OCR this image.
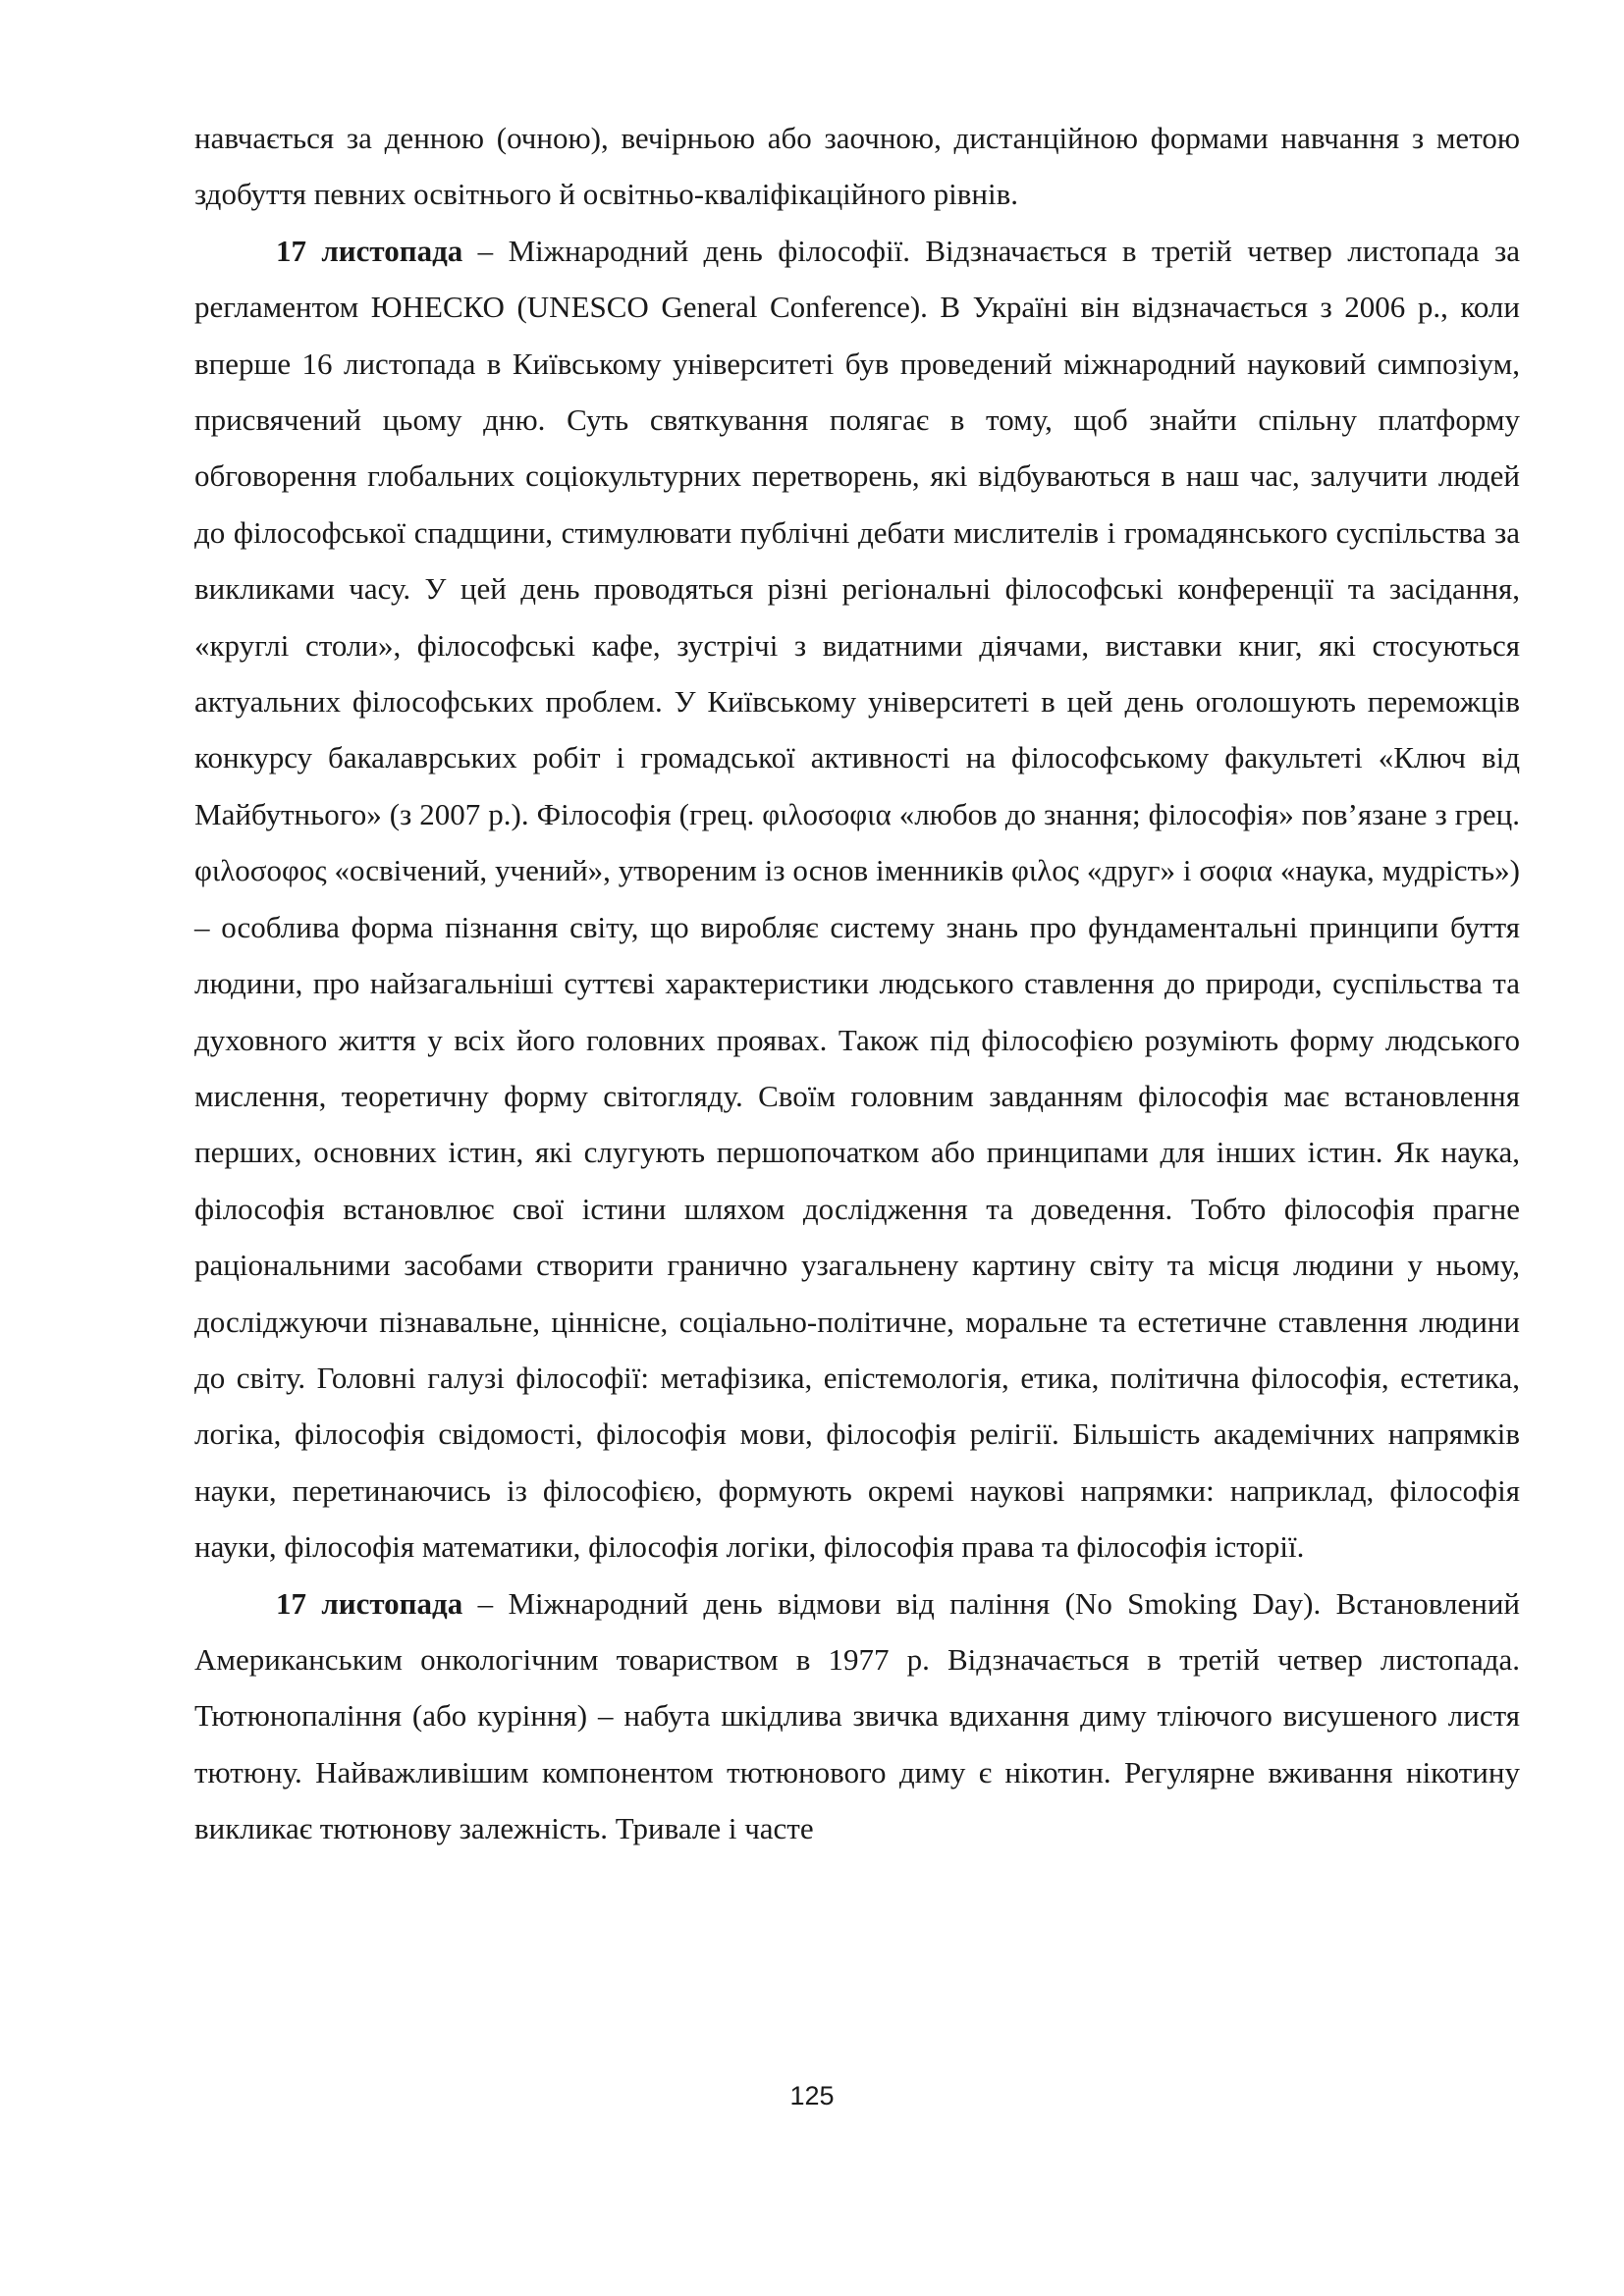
навчається за денною (очною), вечірньою або заочною, дистанційною формами навчання з метою здобуття певних освітнього й освітньо-кваліфікаційного рівнів.

17 листопада – Міжнародний день філософії. Відзначається в третій четвер листопада за регламентом ЮНЕСКО (UNESCO General Conference). В Україні він відзначається з 2006 р., коли вперше 16 листопада в Київському університеті був проведений міжнародний науковий симпозіум, присвячений цьому дню. Суть святкування полягає в тому, щоб знайти спільну платформу обговорення глобальних соціокультурних перетворень, які відбуваються в наш час, залучити людей до філософської спадщини, стимулювати публічні дебати мислителів і громадянського суспільства за викликами часу. У цей день проводяться різні регіональні філософські конференції та засідання, «круглі столи», філософські кафе, зустрічі з видатними діячами, виставки книг, які стосуються актуальних філософських проблем. У Київському університеті в цей день оголошують переможців конкурсу бакалаврських робіт і громадської активності на філософському факультеті «Ключ від Майбутнього» (з 2007 р.). Філософія (грец. φιλοσοφια «любов до знання; філософія» пов’язане з грец. φιλοσοφος «освічений, учений», утвореним із основ іменників φιλος «друг» і σοφια «наука, мудрість») – особлива форма пізнання світу, що виробляє систему знань про фундаментальні принципи буття людини, про найзагальніші суттєві характеристики людського ставлення до природи, суспільства та духовного життя у всіх його головних проявах. Також під філософією розуміють форму людського мислення, теоретичну форму світогляду. Своїм головним завданням філософія має встановлення перших, основних істин, які слугують першопочатком або принципами для інших істин. Як наука, філософія встановлює свої істини шляхом дослідження та доведення. Тобто філософія прагне раціональними засобами створити гранично узагальнену картину світу та місця людини у ньому, досліджуючи пізнавальне, ціннісне, соціально-політичне, моральне та естетичне ставлення людини до світу. Головні галузі філософії: метафізика, епістемологія, етика, політична філософія, естетика, логіка, філософія свідомості, філософія мови, філософія релігії. Більшість академічних напрямків науки, перетинаючись із філософією, формують окремі наукові напрямки: наприклад, філософія науки, філософія математики, філософія логіки, філософія права та філософія історії.

17 листопада – Міжнародний день відмови від паління (No Smoking Day). Встановлений Американським онкологічним товариством в 1977 р. Відзначається в третій четвер листопада. Тютюнопаління (або куріння) – набута шкідлива звичка вдихання диму тліючого висушеного листя тютюну. Найважливішим компонентом тютюнового диму є нікотин. Регулярне вживання нікотину викликає тютюнову залежність. Тривале і часте

125
